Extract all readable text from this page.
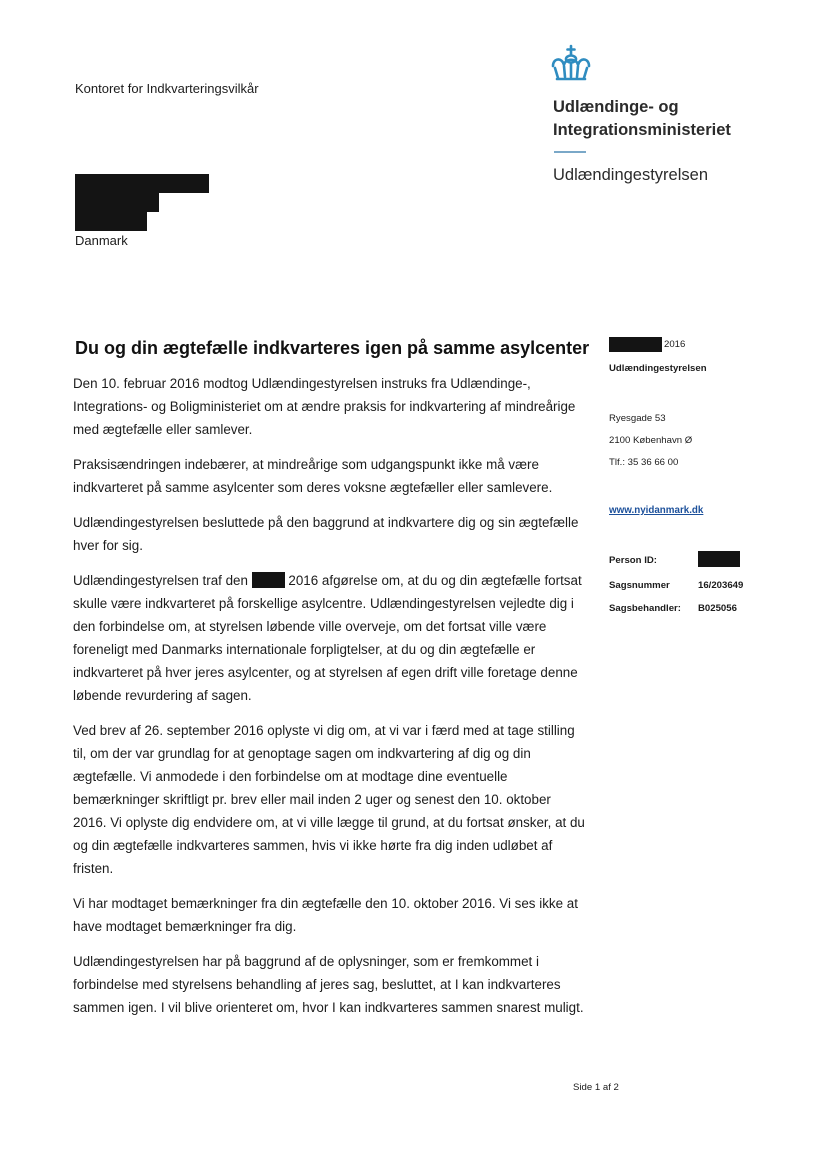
Kontoret for Indkvarteringsvilkår
Udlændinge- og
Integrationsministeriet
Udlændingestyrelsen
Danmark
Du og din ægtefælle indkvarteres igen på samme asylcenter

Den 10. februar 2016 modtog Udlændingestyrelsen instruks fra Udlændinge-, Integrations- og Boligministeriet om at ændre praksis for indkvartering af mindreårige med ægtefælle eller samlever.

Praksisændringen indebærer, at mindreårige som udgangspunkt ikke må være indkvarteret på samme asylcenter som deres voksne ægtefæller eller samlevere.

Udlændingestyrelsen besluttede på den baggrund at indkvartere dig og sin ægtefælle hver for sig.

Udlændingestyrelsen traf den	2016 afgørelse om, at du og din ægtefælle fortsat skulle være indkvarteret på forskellige asylcentre. Udlændingestyrelsen vejledte dig i den forbindelse om, at styrelsen løbende ville overveje, om det fortsat ville være foreneligt med Danmarks internationale forpligtelser, at du og din ægtefælle er indkvarteret på hver jeres asylcenter, og at styrelsen af egen drift ville foretage denne løbende revurdering af sagen.

Ved brev af 26. september 2016 oplyste vi dig om, at vi var i færd med at tage stilling til, om der var grundlag for at genoptage sagen om indkvartering af dig og din ægtefælle. Vi anmodede i den forbindelse om at modtage dine eventuelle bemærkninger skriftligt pr. brev eller mail inden 2 uger og senest den 10. oktober 2016. Vi oplyste dig endvidere om, at vi ville lægge til grund, at du fortsat ønsker, at du og din ægtefælle indkvarteres sammen, hvis vi ikke hørte fra dig inden udløbet af fristen.

Vi har modtaget bemærkninger fra din ægtefælle den 10. oktober 2016. Vi ses ikke at have modtaget bemærkninger fra dig.

Udlændingestyrelsen har på baggrund af de oplysninger, som er fremkommet i forbindelse med styrelsens behandling af jeres sag, besluttet, at I kan indkvarteres sammen igen. I vil blive orienteret om, hvor I kan indkvarteres sammen snarest muligt.

2016
Udlændingestyrelsen
Ryesgade 53
2100 København Ø
Tlf.: 35 36 66 00
www.nyidanmark.dk
Person ID:
Sagsnummer	16/203649
Sagsbehandler: B025056
Side 1 af 2
